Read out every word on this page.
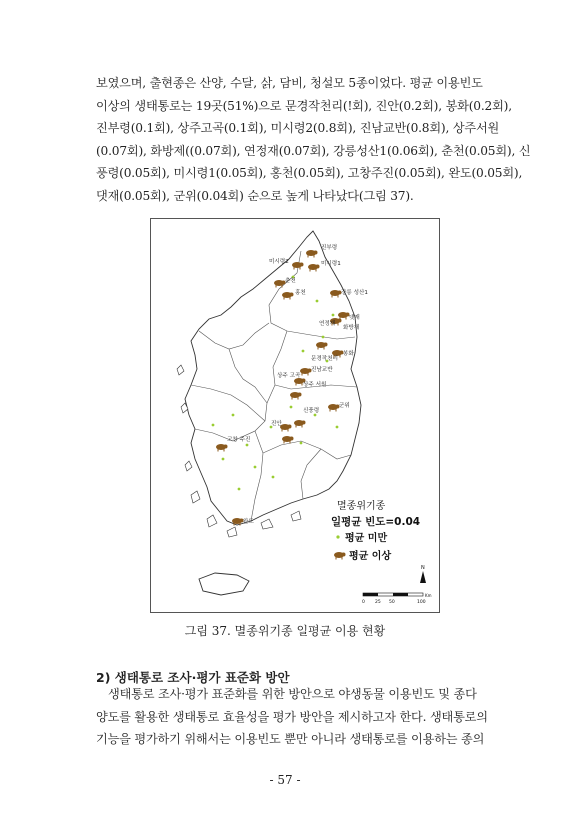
보였으며, 출현종은 산양, 수달, 삵, 담비, 청설모 5종이었다. 평균 이용빈도
이상의 생태통로는 19곳(51%)으로 문경작천리(!회), 진안(0.2회), 봉화(0.2회),
진부령(0.1회), 상주고곡(0.1회), 미시령2(0.8회), 진남교반(0.8회), 상주서원
(0.07회), 화방제((0.07회), 연정재(0.07회), 강릉성산1(0.06회), 춘천(0.05회), 신
풍령(0.05회), 미시령1(0.05회), 홍천(0.05회), 고창주진(0.05회), 완도(0.05회),
댓재(0.05회), 군위(0.04회) 순으로 높게 나타났다(그림 37).
미시령2
진부령
미시령1
춘천
홍천	강릉 성산1
댓재
연정재
화방재
봉화
문경작천리
진남교반
상주 고곡
상주 서원
군위
신풍령
진안
고창 주진
완도
멸종위기종
일평균 빈도=0.04
평균 미만
평균 이상
N
0 25 50	100
Km
그림 37. 멸종위기종 일평균 이용 현황
2) 생태통로 조사·평가 표준화 방안
생태통로 조사·평가 표준화를 위한 방안으로 야생동물 이용빈도 및 종다
양도를 활용한 생태통로 효율성을 평가 방안을 제시하고자 한다. 생태통로의
기능을 평가하기 위해서는 이용빈도 뿐만 아니라 생태통로를 이용하는 종의
- 57 -
